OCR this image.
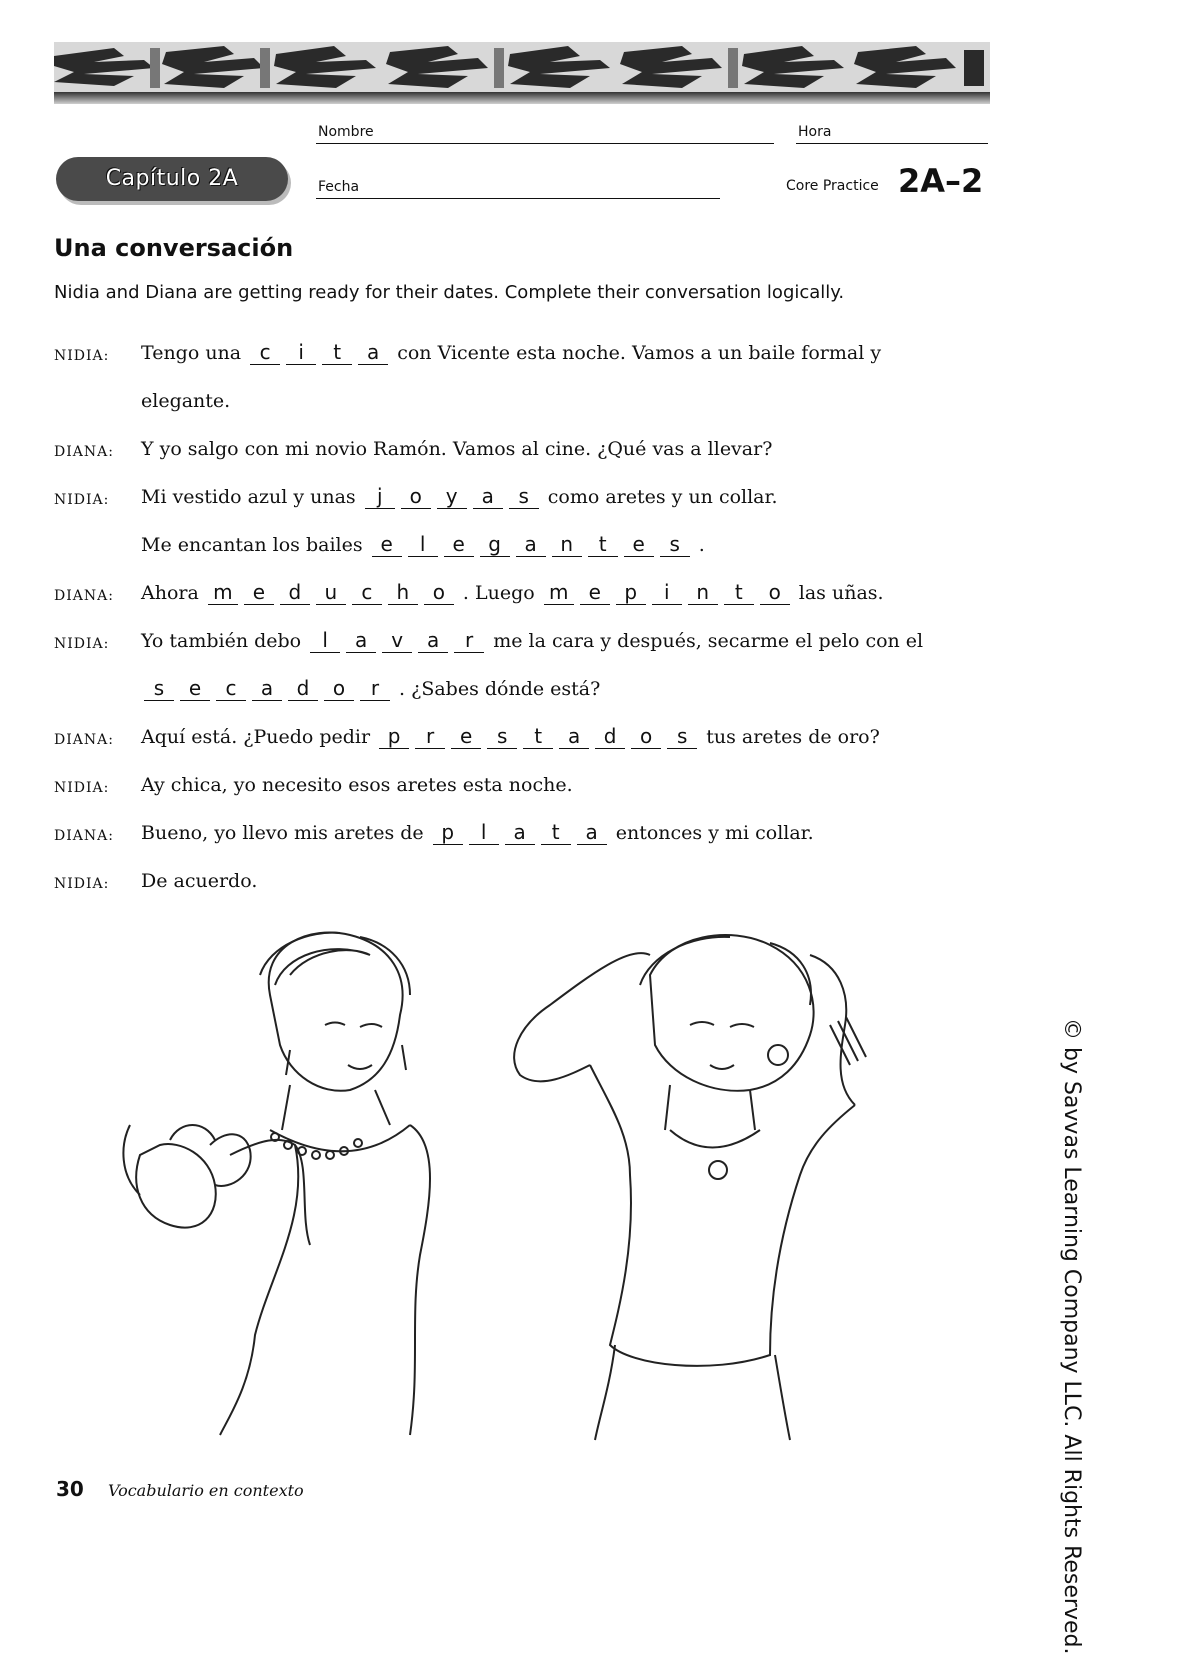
Nombre	Hora
Capítulo 2A	Fecha	Core Practice 2A–2
Una conversación
Nidia and Diana are getting ready for their dates. Complete their conversation logically.
NIDIA: Tengo una c i t a con Vicente esta noche. Vamos a un baile formal y
elegante.
DIANA: Y yo salgo con mi novio Ramón. Vamos al cine. ¿Qué vas a llevar?
NIDIA: Mi vestido azul y unas j o y a s como aretes y un collar.
Me encantan los bailes e l e g a n t e s .
DIANA: Ahora m e d u c h o . Luego m e p i n t o las uñas.
NIDIA: Yo también debo l a v a r me la cara y después, secarme el pelo con el
s e c a d o r . ¿Sabes dónde está?
DIANA: Aquí está. ¿Puedo pedir p r e s t a d o s tus aretes de oro?
NIDIA: Ay chica, yo necesito esos aretes esta noche.
DIANA: Bueno, yo llevo mis aretes de p l a t a entonces y mi collar.
NIDIA: De acuerdo.
30 Vocabulario en contexto	© by Savvas Learning Company LLC. All Rights Reserved.
